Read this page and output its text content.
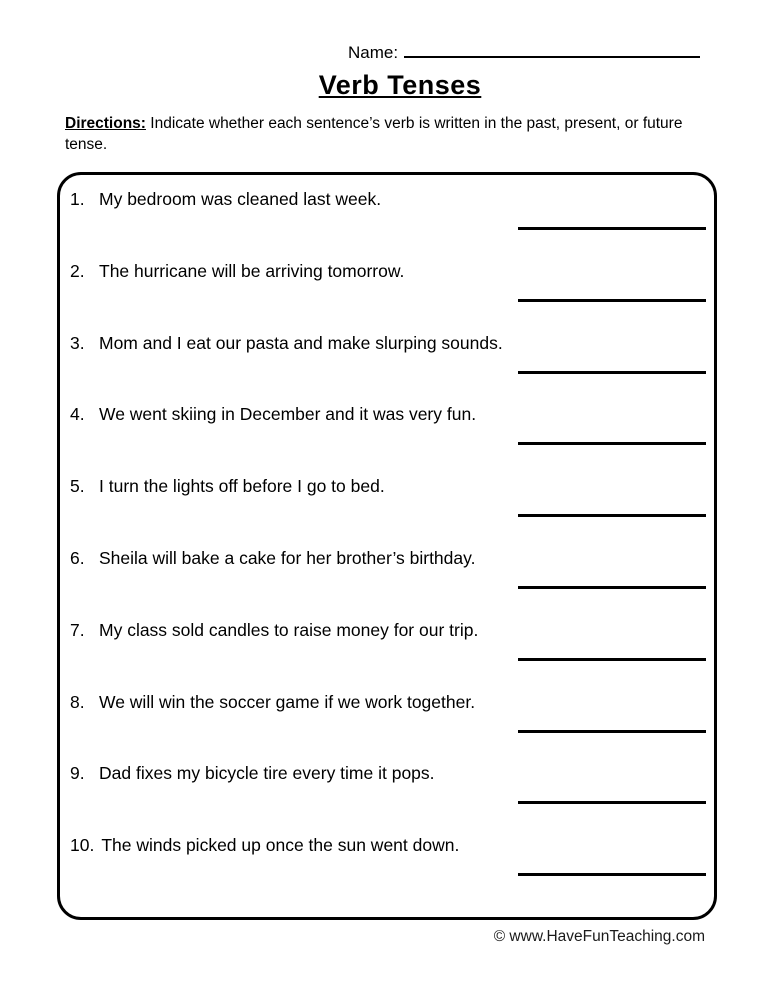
Name:
Verb Tenses
Directions: Indicate whether each sentence’s verb is written in the past, present, or future tense.
1. My bedroom was cleaned last week.
2. The hurricane will be arriving tomorrow.
3. Mom and I eat our pasta and make slurping sounds.
4. We went skiing in December and it was very fun.
5. I turn the lights off before I go to bed.
6. Sheila will bake a cake for her brother’s birthday.
7. My class sold candles to raise money for our trip.
8. We will win the soccer game if we work together.
9. Dad fixes my bicycle tire every time it pops.
10. The winds picked up once the sun went down.
© www.HaveFunTeaching.com
